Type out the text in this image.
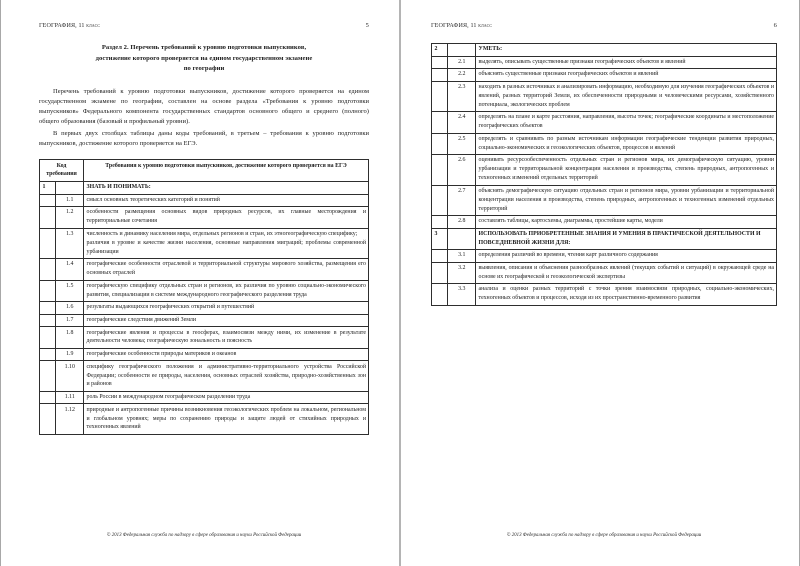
ГЕОГРАФИЯ, 11 класс	5
Раздел 2. Перечень требований к уровню подготовки выпускников,
достижение которого проверяется на едином государственном экзамене
по географии

Перечень требований к уровню подготовки выпускников, достижение которого проверяется на едином государственном экзамене по географии, составлен на основе раздела «Требования к уровню подготовки выпускников» Федерального компонента государственных стандартов основного общего и среднего (полного) общего образования (базовый и профильный уровни).

В первых двух столбцах таблицы даны коды требований, в третьем – требования к уровню подготовки выпускников, достижение которого проверяется на ЕГЭ.

Код требования		Требования к уровню подготовки выпускников, достижение которого проверяется на ЕГЭ
1		ЗНАТЬ И ПОНИМАТЬ:

	1.1	смысл основных теоретических категорий и понятий

	1.2	особенности размещения основных видов природных ресурсов, их главные месторождения и территориальные сочетания

	1.3	численность и динамику населения мира, отдельных регионов и стран, их этногеографическую специфику;
различия в уровне и качестве жизни населения, основные направления миграций; проблемы современной урбанизации

	1.4	географические особенности отраслевой и территориальной структуры мирового хозяйства, размещения его основных отраслей

	1.5	географическую специфику отдельных стран и регионов, их различия по уровню социально-экономического развития, специализации в системе международного географического разделения труда

	1.6	результаты выдающихся географических открытий и путешествий

	1.7	географические следствия движений Земли

	1.8	географические явления и процессы в геосферах, взаимосвязи между ними, их изменение в результате деятельности человека; географическую зональность и поясность

	1.9	географические особенности природы материков и океанов

	1.10	специфику географического положения и административно-территориального устройства Российской Федерации; особенности ее природы, населения, основных отраслей хозяйства, природно-хозяйственных зон и районов

	1.11	роль России в международном географическом разделении труда

	1.12	природные и антропогенные причины возникновения геоэкологических проблем на локальном, региональном и глобальном уровнях; меры по сохранению природы и защите людей от стихийных природных и техногенных явлений
© 2013 Федеральная служба по надзору в сфере образования и науки Российской Федерации
ГЕОГРАФИЯ, 11 класс	6
2		УМЕТЬ:

	2.1	выделять, описывать существенные признаки географических объектов и явлений

	2.2	объяснять существенные признаки географических объектов и явлений

	2.3	находить в разных источниках и анализировать информацию, необходимую для изучения географических объектов и явлений, разных территорий Земли, их обеспеченности природными и человеческими ресурсами, хозяйственного потенциала, экологических проблем

	2.4	определять на плане и карте расстояния, направления, высоты точек; географические координаты и местоположение географических объектов

	2.5	определять и сравнивать по разным источникам информации географические тенденции развития природных, социально-экономических и геоэкологических объектов, процессов и явлений

	2.6	оценивать ресурсообеспеченность отдельных стран и регионов мира, их демографическую ситуацию, уровни урбанизации и территориальной концентрации населения и производства, степень природных, антропогенных и техногенных изменений отдельных территорий

	2.7	объяснять демографическую ситуацию отдельных стран и регионов мира, уровни урбанизации и территориальной концентрации населения и производства, степень природных, антропогенных и техногенных изменений отдельных территорий

	2.8	составлять таблицы, картосхемы, диаграммы, простейшие карты, модели

3		ИСПОЛЬЗОВАТЬ ПРИОБРЕТЕННЫЕ ЗНАНИЯ И УМЕНИЯ В ПРАКТИЧЕСКОЙ ДЕЯТЕЛЬНОСТИ И ПОВСЕДНЕВНОЙ ЖИЗНИ ДЛЯ:

	3.1	определения различий во времени, чтения карт различного содержания

	3.2	выявления, описания и объяснения разнообразных явлений (текущих событий и ситуаций) в окружающей среде на основе их географической и геоэкологической экспертизы

	3.3	анализа и оценки разных территорий с точки зрения взаимосвязи природных, социально-экономических, техногенных объектов и процессов, исходя из их пространственно-временного развития
© 2013 Федеральная служба по надзору в сфере образования и науки Российской Федерации
